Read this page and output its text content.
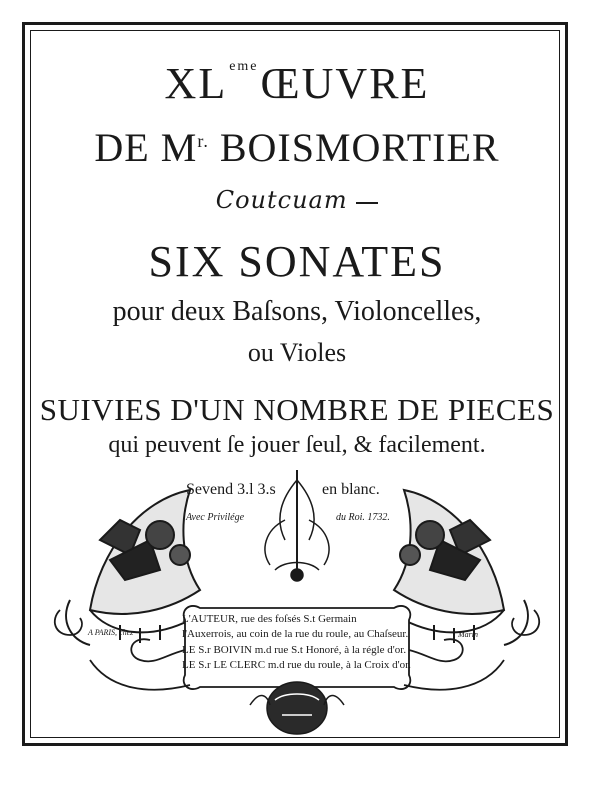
XL $^{eme}$ŒUVRE
DE $M^{r.}$ BOISMORTIER
Coutcuam
SIX SONATES
pour deux Baſsons, Violoncelles,
ou Violes
SUIVIES D'UN NOMBRE DE PIECES
qui peuvent ſe jouer ſeul, & facilement.
Sevend 3.l 3.s	en blanc.
Avec Privilége	du Roi. 1732.
A PARIS, chez	Marin
L'AUTEUR, rue des foſsés S.t Germain
l'Auxerrois, au coin de la rue du roule, au Chaſseur.
LE S.r BOIVIN m.d rue S.t Honoré, à la régle d'or.
LE S.r LE CLERC m.d rue du roule, à la Croix d'or.
